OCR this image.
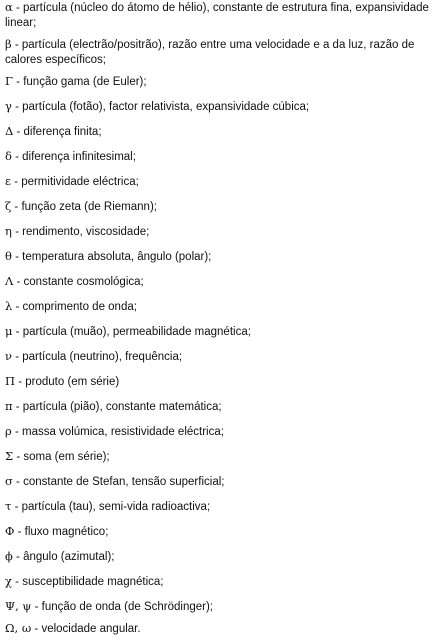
α - partícula (núcleo do átomo de hélio), constante de estrutura fina, expansividade linear;
β - partícula (electrão/positrão), razão entre uma velocidade e a da luz, razão de calores específicos;
Γ - função gama (de Euler);
γ - partícula (fotão), factor relativista, expansividade cúbica;
Δ - diferença finita;
δ - diferença infinitesimal;
ε - permitividade eléctrica;
ζ - função zeta (de Riemann);
η - rendimento, viscosidade;
θ - temperatura absoluta, ângulo (polar);
Λ - constante cosmológica;
λ - comprimento de onda;
μ - partícula (muão), permeabilidade magnética;
ν - partícula (neutrino), frequência;
Π - produto (em série)
π - partícula (pião), constante matemática;
ρ - massa volúmica, resistividade eléctrica;
Σ - soma (em série);
σ - constante de Stefan, tensão superficial;
τ - partícula (tau), semi-vida radioactiva;
Φ - fluxo magnético;
ϕ - ângulo (azimutal);
χ - susceptibilidade magnética;
Ψ, ψ - função de onda (de Schrödinger);
Ω, ω - velocidade angular.
